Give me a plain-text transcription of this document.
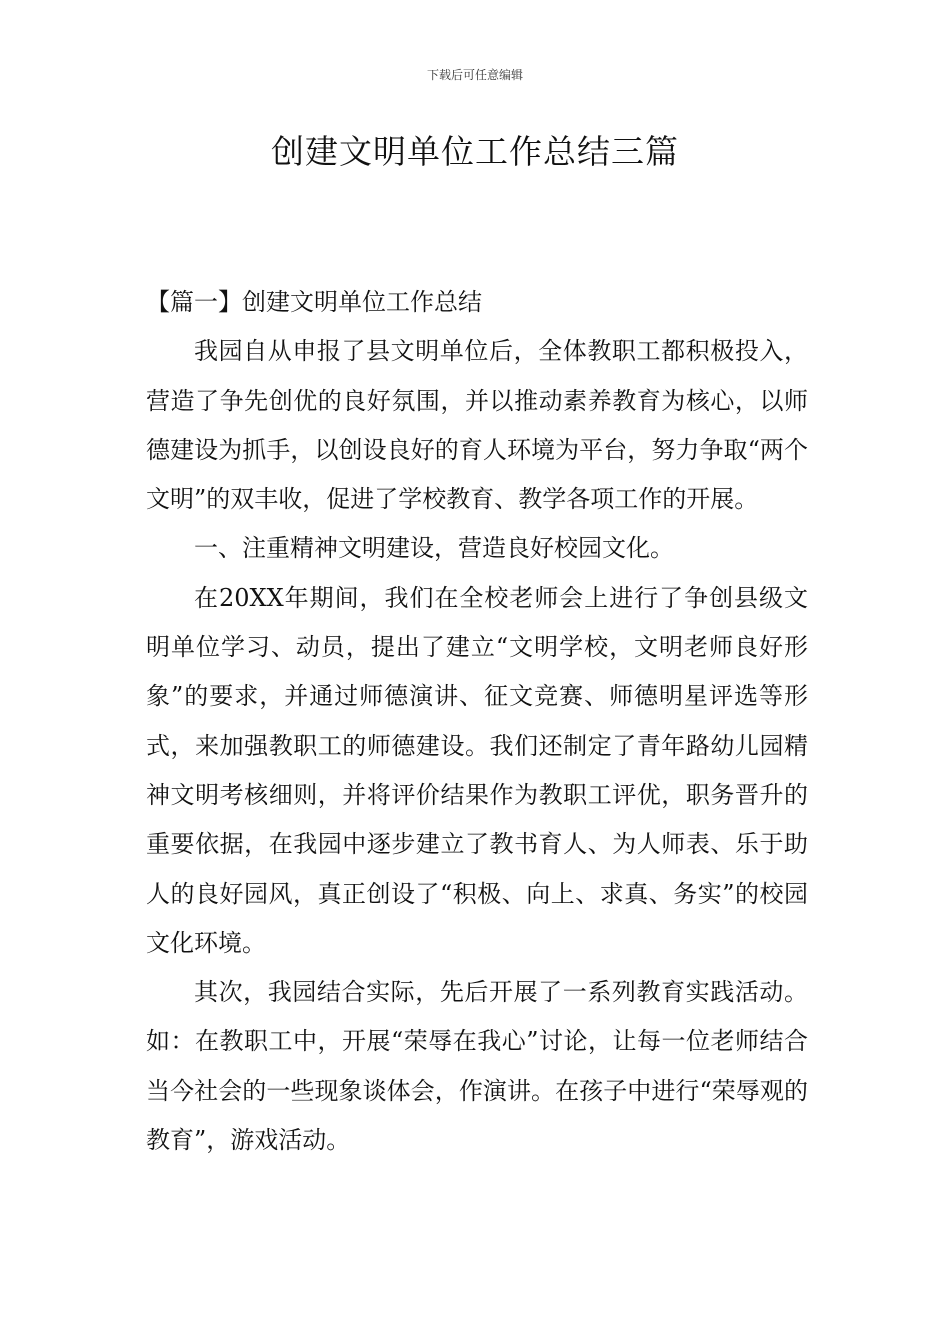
下载后可任意编辑
创建文明单位工作总结三篇

【篇一】创建文明单位工作总结

我园自从申报了县文明单位后，全体教职工都积极投入，营造了争先创优的良好氛围，并以推动素养教育为核心，以师德建设为抓手，以创设良好的育人环境为平台，努力争取“两个文明”的双丰收，促进了学校教育、教学各项工作的开展。

一、注重精神文明建设，营造良好校园文化。

在20XX年期间，我们在全校老师会上进行了争创县级文明单位学习、动员，提出了建立“文明学校，文明老师良好形象”的要求，并通过师德演讲、征文竞赛、师德明星评选等形式，来加强教职工的师德建设。我们还制定了青年路幼儿园精神文明考核细则，并将评价结果作为教职工评优，职务晋升的重要依据，在我园中逐步建立了教书育人、为人师表、乐于助人的良好园风，真正创设了“积极、向上、求真、务实”的校园文化环境。

其次，我园结合实际，先后开展了一系列教育实践活动。如：在教职工中，开展“荣辱在我心”讨论，让每一位老师结合当今社会的一些现象谈体会，作演讲。在孩子中进行“荣辱观的教育”，游戏活动。
